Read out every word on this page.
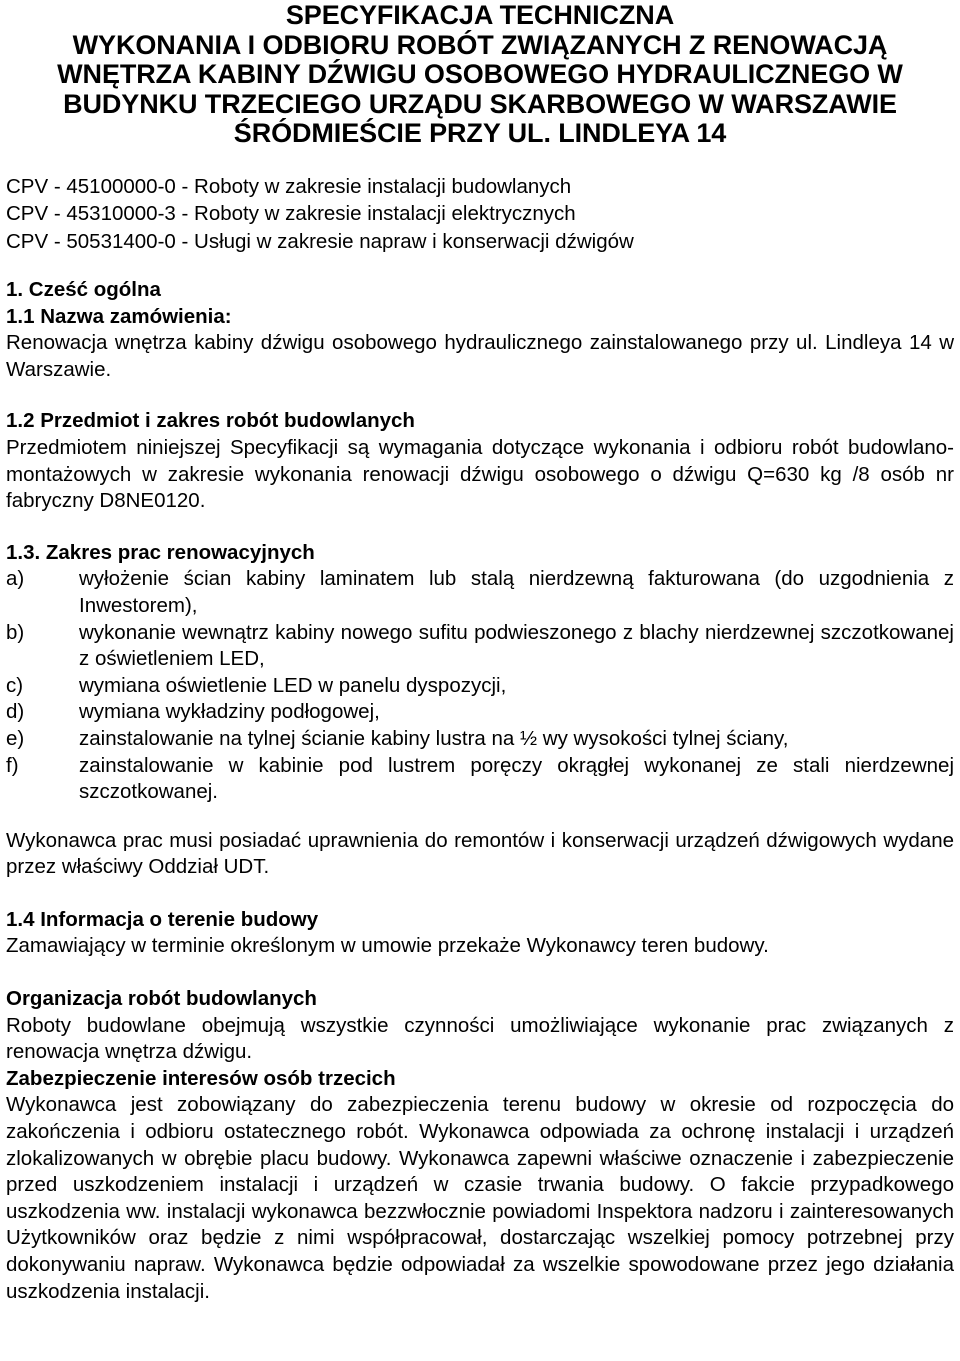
SPECYFIKACJA TECHNICZNA
WYKONANIA I ODBIORU ROBÓT ZWIĄZANYCH Z RENOWACJĄ
WNĘTRZA KABINY DŹWIGU OSOBOWEGO HYDRAULICZNEGO W
BUDYNKU TRZECIEGO URZĄDU SKARBOWEGO W WARSZAWIE
ŚRÓDMIEŚCIE PRZY UL. LINDLEYA 14
CPV - 45100000-0 - Roboty w zakresie instalacji budowlanych
CPV - 45310000-3 - Roboty w zakresie instalacji elektrycznych
CPV - 50531400-0 - Usługi w zakresie napraw i konserwacji dźwigów

1. Cześć ogólna

1.1 Nazwa zamówienia:

Renowacja wnętrza kabiny dźwigu osobowego hydraulicznego zainstalowanego przy ul. Lindleya 14 w Warszawie.

1.2 Przedmiot i zakres robót budowlanych

Przedmiotem niniejszej Specyfikacji są wymagania dotyczące wykonania i odbioru robót budowlano-montażowych w zakresie wykonania renowacji dźwigu osobowego o dźwigu Q=630 kg /8 osób nr fabryczny D8NE0120.

1.3. Zakres prac renowacyjnych

a)	wyłożenie ścian kabiny laminatem lub stalą nierdzewną fakturowana (do uzgodnienia z Inwestorem),
b)	wykonanie wewnątrz kabiny nowego sufitu podwieszonego z blachy nierdzewnej szczotkowanej z oświetleniem LED,
c)	wymiana oświetlenie LED w panelu dyspozycji,
d)	wymiana wykładziny podłogowej,
e)	zainstalowanie na tylnej ścianie kabiny lustra na ½ wy wysokości tylnej ściany,
f)	zainstalowanie w kabinie pod lustrem poręczy okrągłej wykonanej ze stali nierdzewnej szczotkowanej.

Wykonawca prac musi posiadać uprawnienia do remontów i konserwacji urządzeń dźwigowych wydane przez właściwy Oddział UDT.

1.4 Informacja o terenie budowy

Zamawiający w terminie określonym w umowie przekaże Wykonawcy teren budowy.

Organizacja robót budowlanych

Roboty budowlane obejmują wszystkie czynności umożliwiające wykonanie prac związanych z renowacja wnętrza dźwigu.

Zabezpieczenie interesów osób trzecich

Wykonawca jest zobowiązany do zabezpieczenia terenu budowy w okresie od rozpoczęcia do zakończenia i odbioru ostatecznego robót. Wykonawca odpowiada za ochronę instalacji i urządzeń zlokalizowanych w obrębie placu budowy. Wykonawca zapewni właściwe oznaczenie i zabezpieczenie przed uszkodzeniem instalacji i urządzeń w czasie trwania budowy. O fakcie przypadkowego uszkodzenia ww. instalacji wykonawca bezzwłocznie powiadomi Inspektora nadzoru i zainteresowanych Użytkowników oraz będzie z nimi współpracował, dostarczając wszelkiej pomocy potrzebnej przy dokonywaniu napraw. Wykonawca będzie odpowiadał za wszelkie spowodowane przez jego działania uszkodzenia instalacji.
